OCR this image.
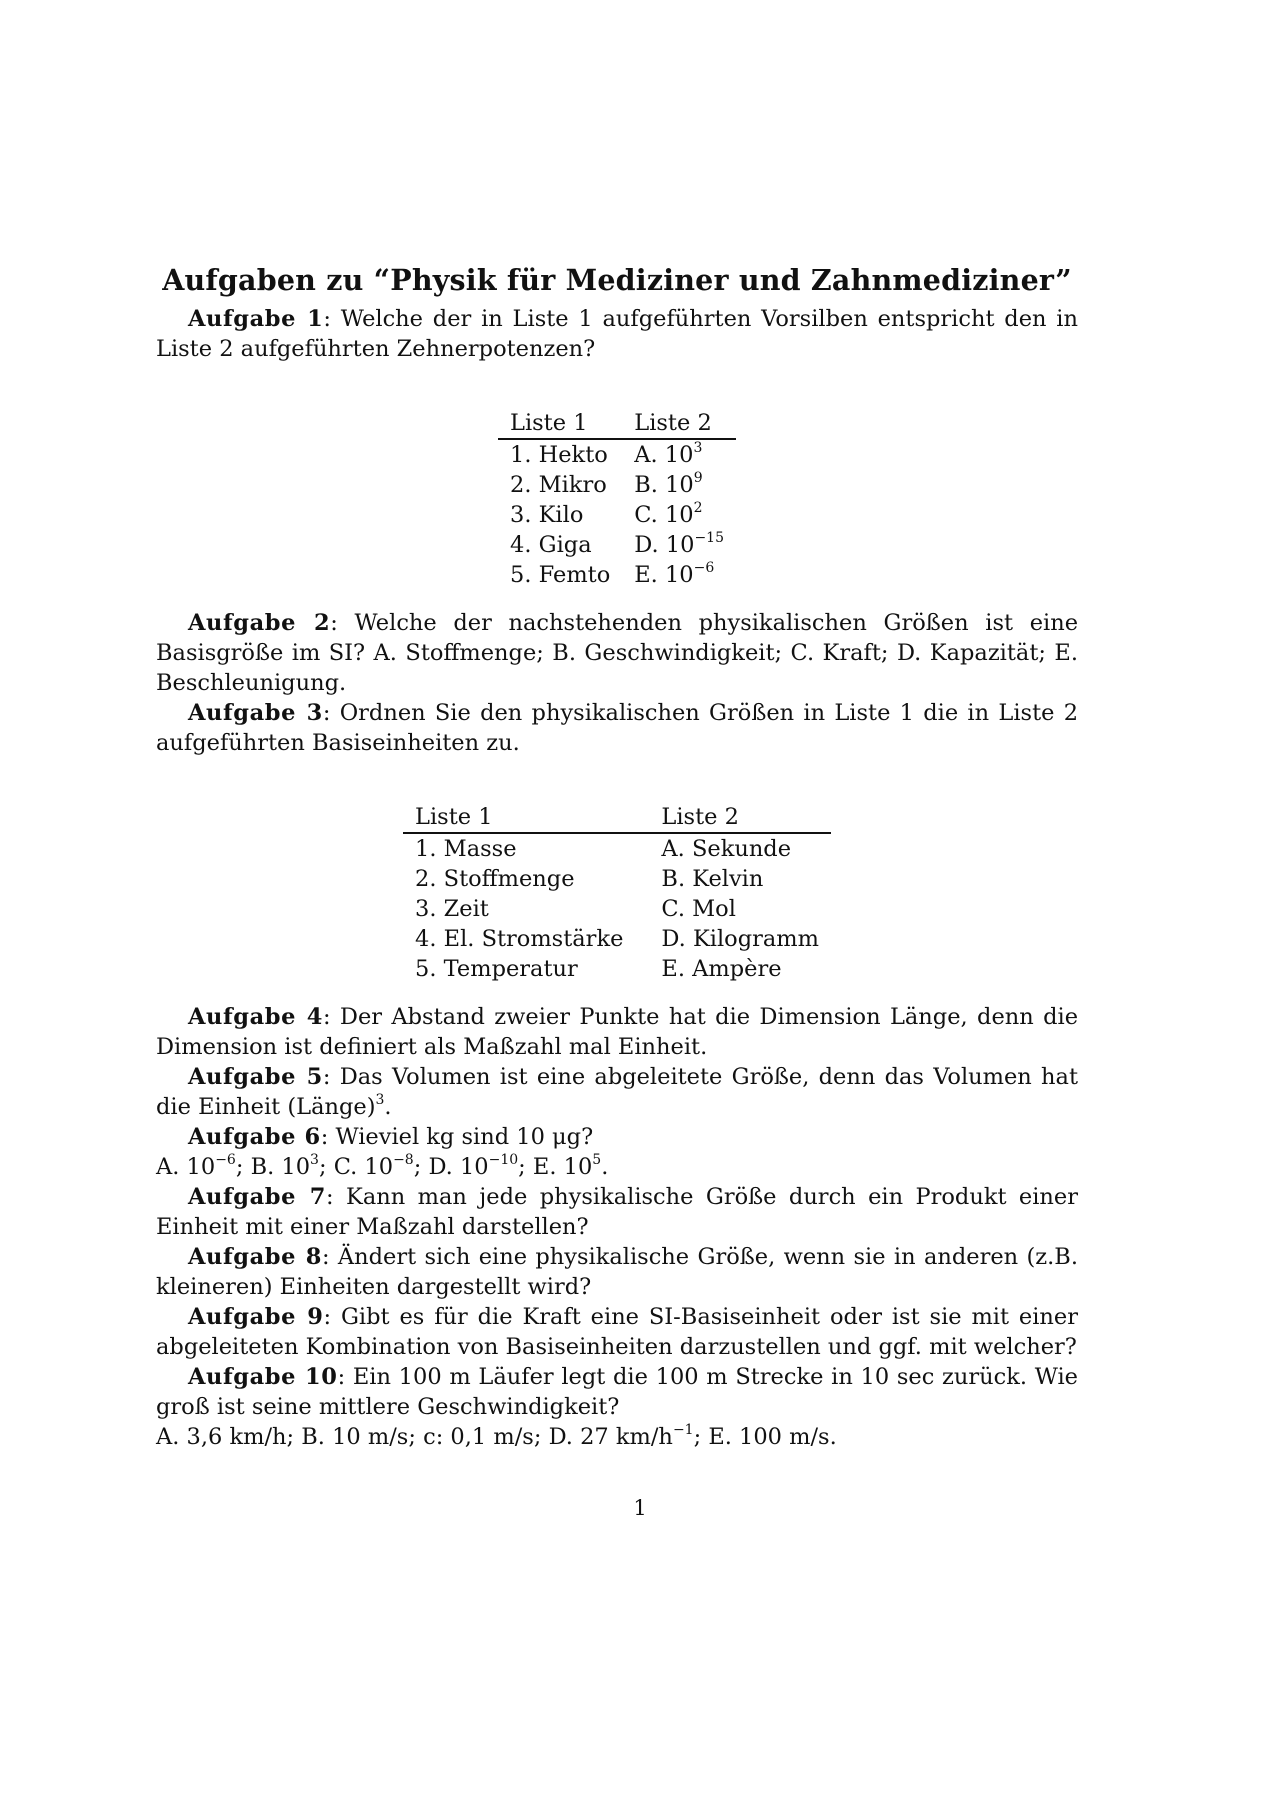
Aufgaben zu “Physik für Mediziner und Zahnmediziner”

Aufgabe 1: Welche der in Liste 1 aufgeführten Vorsilben entspricht den in Liste 2 aufgeführten Zehnerpotenzen?

Liste 1	Liste 2
1. Hekto	A. $10^3$
2. Mikro	B. $10^9$
3. Kilo	C. $10^2$
4. Giga	D. $10^{-15}$
5. Femto	E. $10^{-6}$

Aufgabe 2: Welche der nachstehenden physikalischen Größen ist eine Basisgröße im SI? A. Stoffmenge; B. Geschwindigkeit; C. Kraft; D. Kapazität; E. Beschleunigung.

Aufgabe 3: Ordnen Sie den physikalischen Größen in Liste 1 die in Liste 2 aufgeführten Basiseinheiten zu.

Liste 1	Liste 2
1. Masse	A. Sekunde
2. Stoffmenge	B. Kelvin
3. Zeit	C. Mol
4. El. Stromstärke	D. Kilogramm
5. Temperatur	E. Ampère

Aufgabe 4: Der Abstand zweier Punkte hat die Dimension Länge, denn die Dimension ist definiert als Maßzahl mal Einheit.

Aufgabe 5: Das Volumen ist eine abgeleitete Größe, denn das Volumen hat die Einheit (Länge)$^3$.

Aufgabe 6: Wieviel kg sind 10 μg?

A. $10^{-6}$; B. $10^3$; C. $10^{-8}$; D. $10^{-10}$; E. $10^5$.

Aufgabe 7: Kann man jede physikalische Größe durch ein Produkt einer Einheit mit einer Maßzahl darstellen?

Aufgabe 8: Ändert sich eine physikalische Größe, wenn sie in anderen (z.B. kleineren) Einheiten dargestellt wird?

Aufgabe 9: Gibt es für die Kraft eine SI-Basiseinheit oder ist sie mit einer abgeleiteten Kombination von Basiseinheiten darzustellen und ggf. mit welcher?

Aufgabe 10: Ein 100 m Läufer legt die 100 m Strecke in 10 sec zurück. Wie groß ist seine mittlere Geschwindigkeit?

A. 3,6 km/h; B. 10 m/s; c: 0,1 m/s; D. 27 $km/h^{-1}$; E. 100 m/s.

1
